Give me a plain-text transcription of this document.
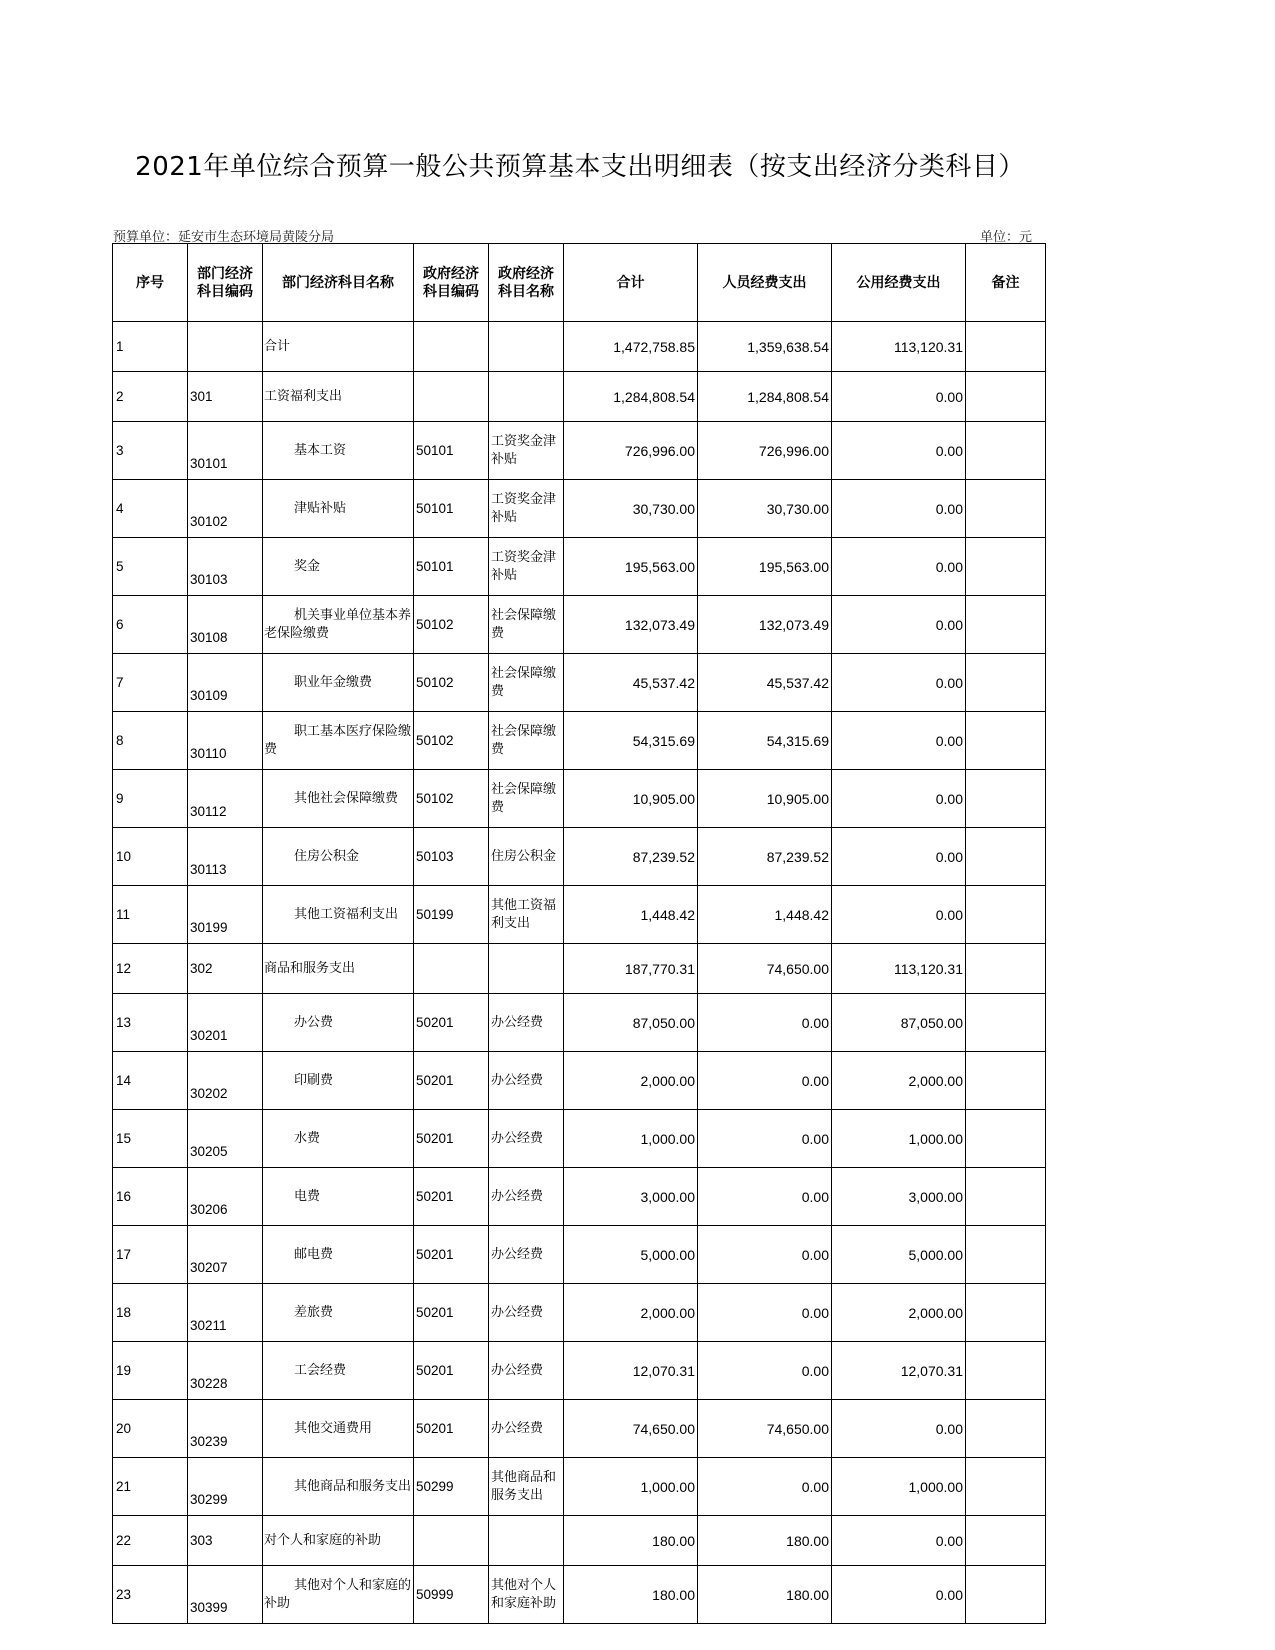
2021年单位综合预算一般公共预算基本支出明细表（按支出经济分类科目）
预算单位：延安市生态环境局黄陵分局	单位：元
序号	部门经济科目编码	部门经济科目名称	政府经济科目编码	政府经济科目名称	合计	人员经费支出	公用经费支出	备注
1		合计			1,472,758.85	1,359,638.54	113,120.31	
2	301	工资福利支出			1,284,808.54	1,284,808.54	0.00	
3	30101	基本工资	50101	工资奖金津补贴	726,996.00	726,996.00	0.00	
4	30102	津贴补贴	50101	工资奖金津补贴	30,730.00	30,730.00	0.00	
5	30103	奖金	50101	工资奖金津补贴	195,563.00	195,563.00	0.00	
6	30108	机关事业单位基本养老保险缴费	50102	社会保障缴费	132,073.49	132,073.49	0.00	
7	30109	职业年金缴费	50102	社会保障缴费	45,537.42	45,537.42	0.00	
8	30110	职工基本医疗保险缴费	50102	社会保障缴费	54,315.69	54,315.69	0.00	
9	30112	其他社会保障缴费	50102	社会保障缴费	10,905.00	10,905.00	0.00	
10	30113	住房公积金	50103	住房公积金	87,239.52	87,239.52	0.00	
11	30199	其他工资福利支出	50199	其他工资福利支出	1,448.42	1,448.42	0.00	
12	302	商品和服务支出			187,770.31	74,650.00	113,120.31	
13	30201	办公费	50201	办公经费	87,050.00	0.00	87,050.00	
14	30202	印刷费	50201	办公经费	2,000.00	0.00	2,000.00	
15	30205	水费	50201	办公经费	1,000.00	0.00	1,000.00	
16	30206	电费	50201	办公经费	3,000.00	0.00	3,000.00	
17	30207	邮电费	50201	办公经费	5,000.00	0.00	5,000.00	
18	30211	差旅费	50201	办公经费	2,000.00	0.00	2,000.00	
19	30228	工会经费	50201	办公经费	12,070.31	0.00	12,070.31	
20	30239	其他交通费用	50201	办公经费	74,650.00	74,650.00	0.00	
21	30299	其他商品和服务支出	50299	其他商品和服务支出	1,000.00	0.00	1,000.00	
22	303	对个人和家庭的补助			180.00	180.00	0.00	
23	30399	其他对个人和家庭的补助	50999	其他对个人和家庭补助	180.00	180.00	0.00	
